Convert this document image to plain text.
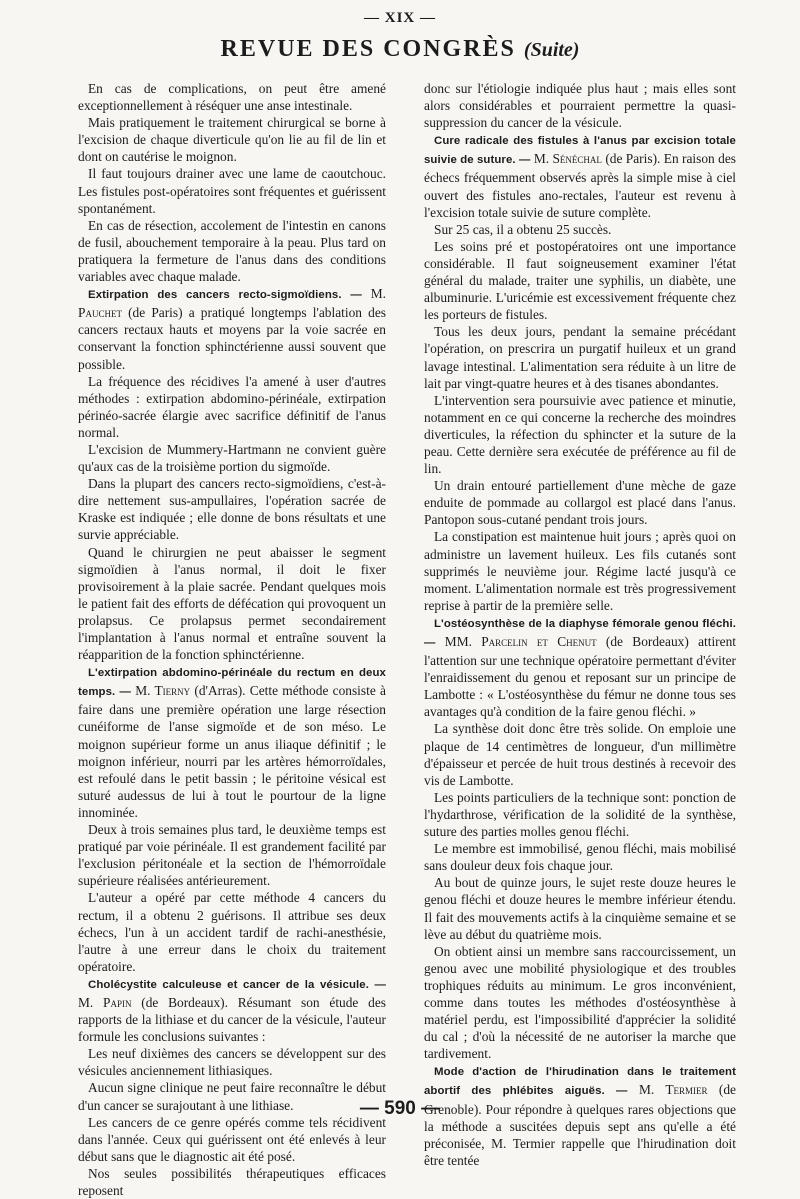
— XIX —
REVUE DES CONGRÈS (Suite)

En cas de complications, on peut être amené exceptionnellement à réséquer une anse intestinale.

Mais pratiquement le traitement chirurgical se borne à l'excision de chaque diverticule qu'on lie au fil de lin et dont on cautérise le moignon.

Il faut toujours drainer avec une lame de caoutchouc. Les fistules post-opératoires sont fréquentes et guérissent spontanément.

En cas de résection, accolement de l'intestin en canons de fusil, abouchement temporaire à la peau. Plus tard on pratiquera la fermeture de l'anus dans des conditions variables avec chaque malade.

Extirpation des cancers recto-sigmoïdiens. — M. Pauchet (de Paris) a pratiqué longtemps l'ablation des cancers rectaux hauts et moyens par la voie sacrée en conservant la fonction sphinctérienne aussi souvent que possible.

La fréquence des récidives l'a amené à user d'autres méthodes : extirpation abdomino-périnéale, extirpation périnéo-sacrée élargie avec sacrifice définitif de l'anus normal.

L'excision de Mummery-Hartmann ne convient guère qu'aux cas de la troisième portion du sigmoïde.

Dans la plupart des cancers recto-sigmoïdiens, c'est-à-dire nettement sus-ampullaires, l'opération sacrée de Kraske est indiquée ; elle donne de bons résultats et une survie appréciable.

Quand le chirurgien ne peut abaisser le segment sigmoïdien à l'anus normal, il doit le fixer provisoirement à la plaie sacrée. Pendant quelques mois le patient fait des efforts de défécation qui provoquent un prolapsus. Ce prolapsus permet secondairement l'implantation à l'anus normal et entraîne souvent la réapparition de la fonction sphinctérienne.

L'extirpation abdomino-périnéale du rectum en deux temps. — M. Tierny (d'Arras). Cette méthode consiste à faire dans une première opération une large résection cunéiforme de l'anse sigmoïde et de son méso. Le moignon supérieur forme un anus iliaque définitif ; le moignon inférieur, nourri par les artères hémorroïdales, est refoulé dans le petit bassin ; le péritoine vésical est suturé audessus de lui à tout le pourtour de la ligne innominée.

Deux à trois semaines plus tard, le deuxième temps est pratiqué par voie périnéale. Il est grandement facilité par l'exclusion péritonéale et la section de l'hémorroïdale supérieure réalisées antérieurement.

L'auteur a opéré par cette méthode 4 cancers du rectum, il a obtenu 2 guérisons. Il attribue ses deux échecs, l'un à un accident tardif de rachi-anesthésie, l'autre à une erreur dans le choix du traitement opératoire.

Cholécystite calculeuse et cancer de la vésicule. — M. Papin (de Bordeaux). Résumant son étude des rapports de la lithiase et du cancer de la vésicule, l'auteur formule les conclusions suivantes :

Les neuf dixièmes des cancers se développent sur des vésicules anciennement lithiasiques.

Aucun signe clinique ne peut faire reconnaître le début d'un cancer se surajoutant à une lithiase.

Les cancers de ce genre opérés comme tels récidivent dans l'année. Ceux qui guérissent ont été enlevés à leur début sans que le diagnostic ait été posé.

Nos seules possibilités thérapeutiques efficaces reposent

donc sur l'étiologie indiquée plus haut ; mais elles sont alors considérables et pourraient permettre la quasi-suppression du cancer de la vésicule.

Cure radicale des fistules à l'anus par excision totale suivie de suture. — M. Sénéchal (de Paris). En raison des échecs fréquemment observés après la simple mise à ciel ouvert des fistules ano-rectales, l'auteur est revenu à l'excision totale suivie de suture complète.

Sur 25 cas, il a obtenu 25 succès.

Les soins pré et postopératoires ont une importance considérable. Il faut soigneusement examiner l'état général du malade, traiter une syphilis, un diabète, une albuminurie. L'uricémie est excessivement fréquente chez les porteurs de fistules.

Tous les deux jours, pendant la semaine précédant l'opération, on prescrira un purgatif huileux et un grand lavage intestinal. L'alimentation sera réduite à un litre de lait par vingt-quatre heures et à des tisanes abondantes.

L'intervention sera poursuivie avec patience et minutie, notamment en ce qui concerne la recherche des moindres diverticules, la réfection du sphincter et la suture de la peau. Cette dernière sera exécutée de préférence au fil de lin.

Un drain entouré partiellement d'une mèche de gaze enduite de pommade au collargol est placé dans l'anus. Pantopon sous-cutané pendant trois jours.

La constipation est maintenue huit jours ; après quoi on administre un lavement huileux. Les fils cutanés sont supprimés le neuvième jour. Régime lacté jusqu'à ce moment. L'alimentation normale est très progressivement reprise à partir de la première selle.

L'ostéosynthèse de la diaphyse fémorale genou fléchi. — MM. Parcelin et Chenut (de Bordeaux) attirent l'attention sur une technique opératoire permettant d'éviter l'enraidissement du genou et reposant sur un principe de Lambotte : « L'ostéosynthèse du fémur ne donne tous ses avantages qu'à condition de la faire genou fléchi. »

La synthèse doit donc être très solide. On emploie une plaque de 14 centimètres de longueur, d'un millimètre d'épaisseur et percée de huit trous destinés à recevoir des vis de Lambotte.

Les points particuliers de la technique sont: ponction de l'hydarthrose, vérification de la solidité de la synthèse, suture des parties molles genou fléchi.

Le membre est immobilisé, genou fléchi, mais mobilisé sans douleur deux fois chaque jour.

Au bout de quinze jours, le sujet reste douze heures le genou fléchi et douze heures le membre inférieur étendu. Il fait des mouvements actifs à la cinquième semaine et se lève au début du quatrième mois.

On obtient ainsi un membre sans raccourcissement, un genou avec une mobilité physiologique et des troubles trophiques réduits au minimum. Le gros inconvénient, comme dans toutes les méthodes d'ostéosynthèse à matériel perdu, est l'impossibilité d'apprécier la solidité du cal ; d'où la nécessité de ne autoriser la marche que tardivement.

Mode d'action de l'hirudination dans le traitement abortif des phlébites aiguës. — M. Termier (de Grenoble). Pour répondre à quelques rares objections que la méthode a suscitées depuis sept ans qu'elle a été préconisée, M. Termier rappelle que l'hirudination doit être tentée

— 590 —
